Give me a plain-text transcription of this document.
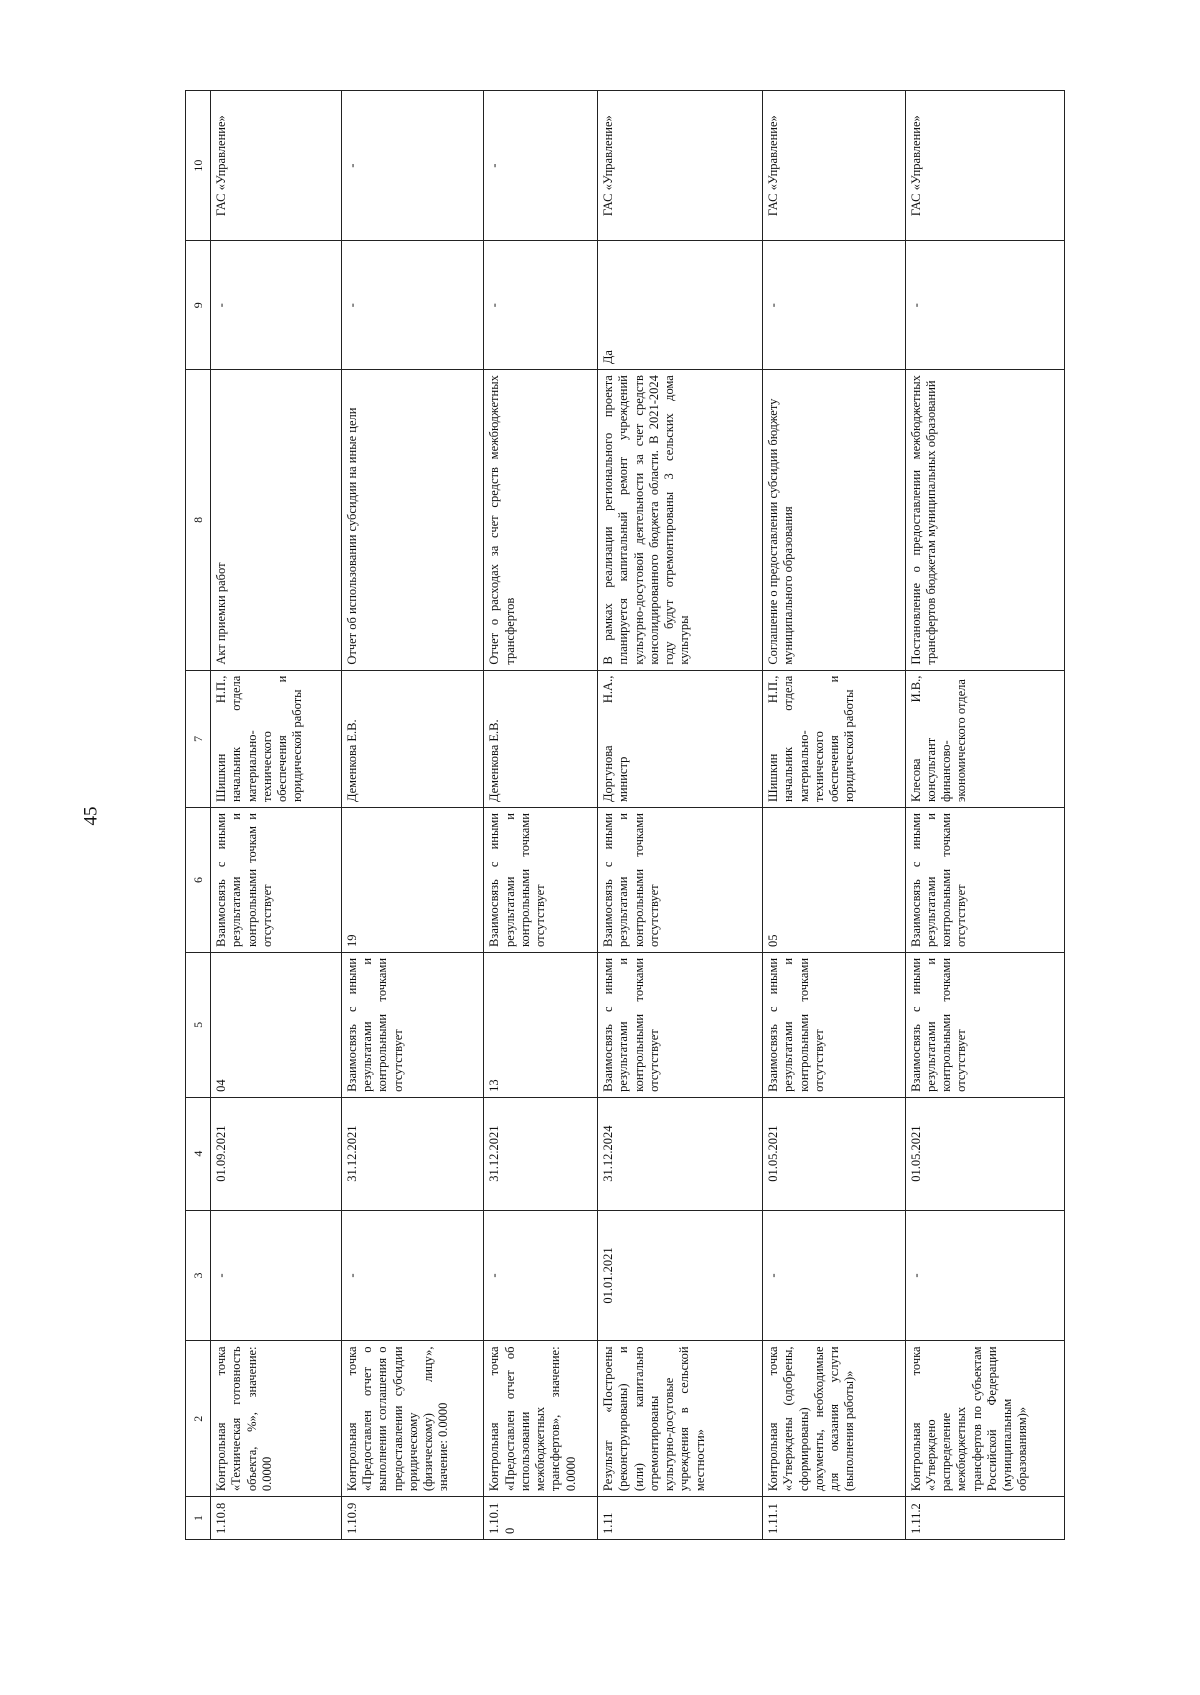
45
1	2	3	4	5	6	7	8	9	10
1.10.8	Контрольная точка «Техническая готовность объекта, %», значение: 0.0000	-	01.09.2021	04	Взаимосвязь с иными результатами и контрольными точкам и отсутствует	Шишкин Н.П., начальник отдела материально-технического обеспечения и юридической работы	Акт приемки работ	-	ГАС «Управление»
1.10.9	Контрольная точка «Предоставлен отчет о выполнении соглашения о предоставлении субсидии юридическому (физическому) лицу», значение: 0.0000	-	31.12.2021	Взаимосвязь с иными результатами и контрольными точками отсутствует	19	Деменкова Е.В.	Отчет об использовании субсидии на иные цели	-	-
1.10.10	Контрольная точка «Предоставлен отчет об использовании межбюджетных трансфертов», значение: 0.0000	-	31.12.2021	13	Взаимосвязь с иными результатами и контрольными точками отсутствует	Деменкова Е.В.	Отчет о расходах за счет средств межбюджетных трансфертов	-	-
1.11	Результат «Построены (реконструированы) и (или) капитально отремонтированы культурно-досуговые учреждения в сельской местности»	01.01.2021	31.12.2024	Взаимосвязь с иными результатами и контрольными точками отсутствует	Взаимосвязь с иными результатами и контрольными точками отсутствует	Доргунова Н.А., министр	В рамках реализации регионального проекта планируется капитальный ремонт учреждений культурно-досуговой деятельности за счет средств консолидированного бюджета области. В 2021-2024 году будут отремонтированы 3 сельских дома культуры	Да	ГАС «Управление»
1.11.1	Контрольная точка «Утверждены (одобрены, сформированы) документы, необходимые для оказания услуги (выполнения работы)»	-	01.05.2021	Взаимосвязь с иными результатами и контрольными точками отсутствует	05	Шишкин Н.П., начальник отдела материально-технического обеспечения и юридической работы	Соглашение о предоставлении субсидии бюджету муниципального образования	-	ГАС «Управление»
1.11.2	Контрольная точка «Утверждено распределение межбюджетных трансфертов по субъектам Российской Федерации (муниципальным образованиям)»	-	01.05.2021	Взаимосвязь с иными результатами и контрольными точками отсутствует	Взаимосвязь с иными результатами и контрольными точками отсутствует	Клесова И.В., консультант финансово-экономического отдела	Постановление о предоставлении межбюджетных трансфертов бюджетам муниципальных образований	-	ГАС «Управление»
